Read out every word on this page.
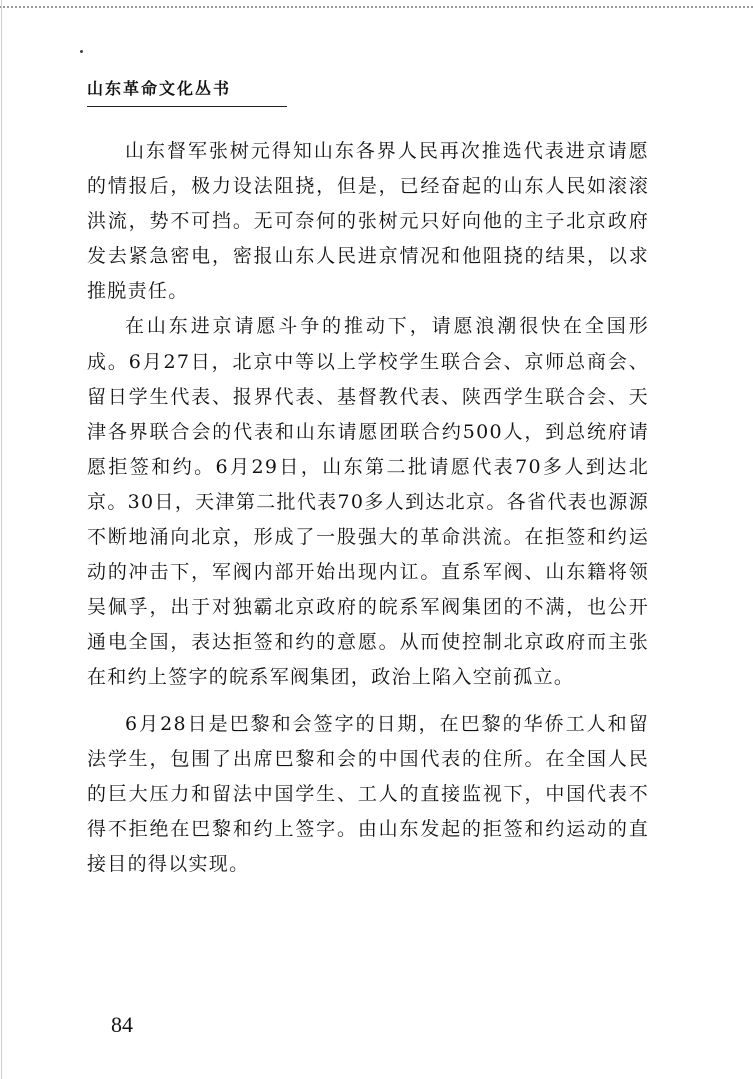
山东革命文化丛书

山东督军张树元得知山东各界人民再次推选代表进京请愿的情报后，极力设法阻挠，但是，已经奋起的山东人民如滚滚洪流，势不可挡。无可奈何的张树元只好向他的主子北京政府发去紧急密电，密报山东人民进京情况和他阻挠的结果，以求推脱责任。

在山东进京请愿斗争的推动下，请愿浪潮很快在全国形成。6月27日，北京中等以上学校学生联合会、京师总商会、留日学生代表、报界代表、基督教代表、陕西学生联合会、天津各界联合会的代表和山东请愿团联合约500人，到总统府请愿拒签和约。6月29日，山东第二批请愿代表70多人到达北京。30日，天津第二批代表70多人到达北京。各省代表也源源不断地涌向北京，形成了一股强大的革命洪流。在拒签和约运动的冲击下，军阀内部开始出现内讧。直系军阀、山东籍将领吴佩孚，出于对独霸北京政府的皖系军阀集团的不满，也公开通电全国，表达拒签和约的意愿。从而使控制北京政府而主张在和约上签字的皖系军阀集团，政治上陷入空前孤立。

6月28日是巴黎和会签字的日期，在巴黎的华侨工人和留法学生，包围了出席巴黎和会的中国代表的住所。在全国人民的巨大压力和留法中国学生、工人的直接监视下，中国代表不得不拒绝在巴黎和约上签字。由山东发起的拒签和约运动的直接目的得以实现。

84
